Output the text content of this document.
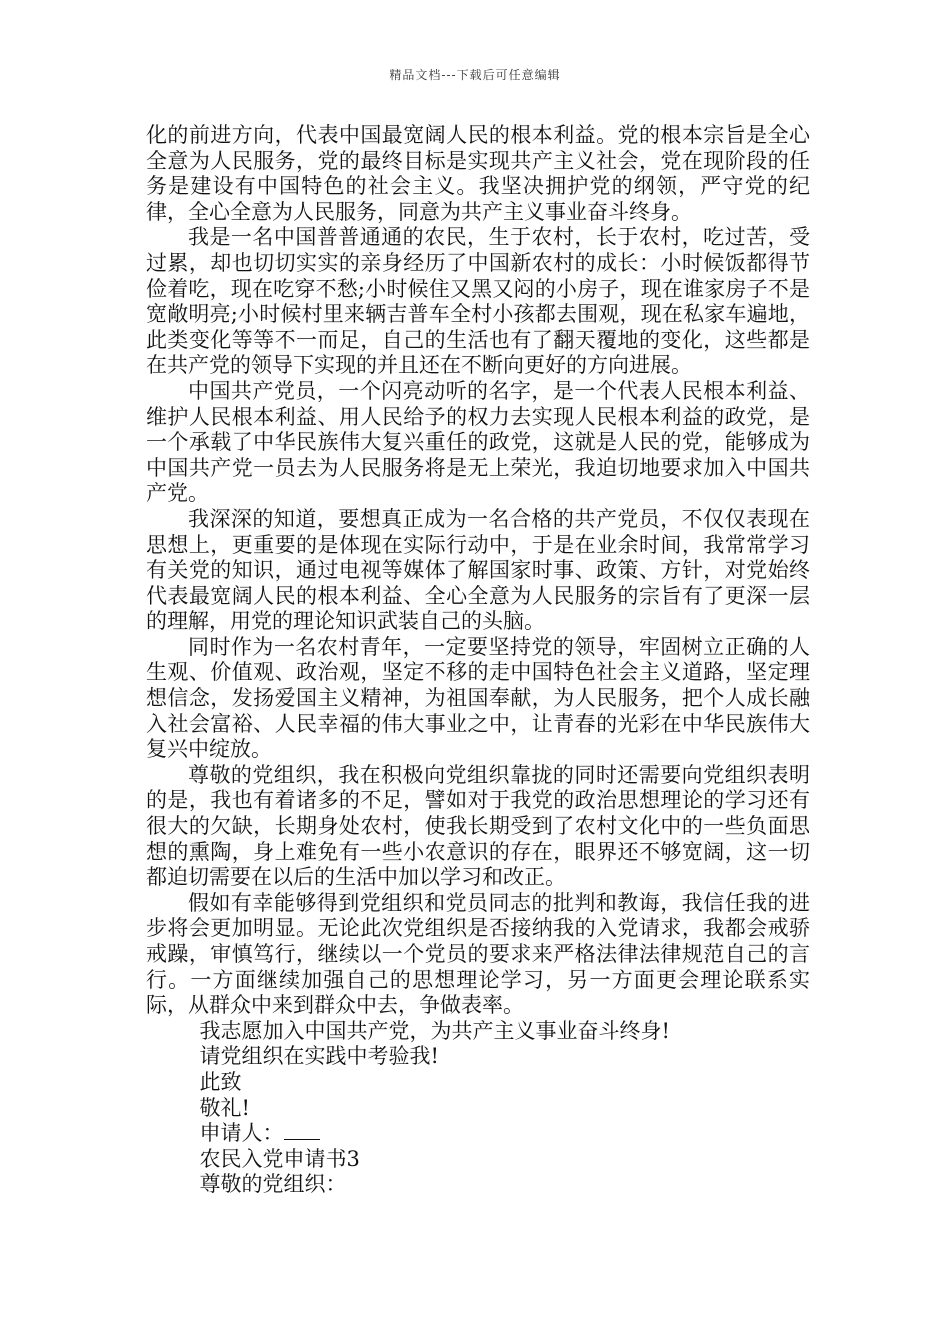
精品文档---下载后可任意编辑

化的前进方向，代表中国最宽阔人民的根本利益。党的根本宗旨是全心全意为人民服务，党的最终目标是实现共产主义社会，党在现阶段的任务是建设有中国特色的社会主义。我坚决拥护党的纲领，严守党的纪律，全心全意为人民服务，同意为共产主义事业奋斗终身。

我是一名中国普普通通的农民，生于农村，长于农村，吃过苦，受过累，却也切切实实的亲身经历了中国新农村的成长：小时候饭都得节俭着吃，现在吃穿不愁;小时候住又黑又闷的小房子，现在谁家房子不是宽敞明亮;小时候村里来辆吉普车全村小孩都去围观，现在私家车遍地，此类变化等等不一而足，自己的生活也有了翻天覆地的变化，这些都是在共产党的领导下实现的并且还在不断向更好的方向进展。

中国共产党员，一个闪亮动听的名字，是一个代表人民根本利益、维护人民根本利益、用人民给予的权力去实现人民根本利益的政党，是一个承载了中华民族伟大复兴重任的政党，这就是人民的党，能够成为中国共产党一员去为人民服务将是无上荣光，我迫切地要求加入中国共产党。

我深深的知道，要想真正成为一名合格的共产党员，不仅仅表现在思想上，更重要的是体现在实际行动中，于是在业余时间，我常常学习有关党的知识，通过电视等媒体了解国家时事、政策、方针，对党始终代表最宽阔人民的根本利益、全心全意为人民服务的宗旨有了更深一层的理解，用党的理论知识武装自己的头脑。

同时作为一名农村青年，一定要坚持党的领导，牢固树立正确的人生观、价值观、政治观，坚定不移的走中国特色社会主义道路，坚定理想信念，发扬爱国主义精神，为祖国奉献，为人民服务，把个人成长融入社会富裕、人民幸福的伟大事业之中，让青春的光彩在中华民族伟大复兴中绽放。

尊敬的党组织，我在积极向党组织靠拢的同时还需要向党组织表明的是，我也有着诸多的不足，譬如对于我党的政治思想理论的学习还有很大的欠缺，长期身处农村，使我长期受到了农村文化中的一些负面思想的熏陶，身上难免有一些小农意识的存在，眼界还不够宽阔，这一切都迫切需要在以后的生活中加以学习和改正。

假如有幸能够得到党组织和党员同志的批判和教诲，我信任我的进步将会更加明显。无论此次党组织是否接纳我的入党请求，我都会戒骄戒躁，审慎笃行，继续以一个党员的要求来严格法律法律规范自己的言行。一方面继续加强自己的思想理论学习，另一方面更会理论联系实际，从群众中来到群众中去，争做表率。

我志愿加入中国共产党，为共产主义事业奋斗终身!

请党组织在实践中考验我!

此致

敬礼!

申请人：

农民入党申请书3

尊敬的党组织：
